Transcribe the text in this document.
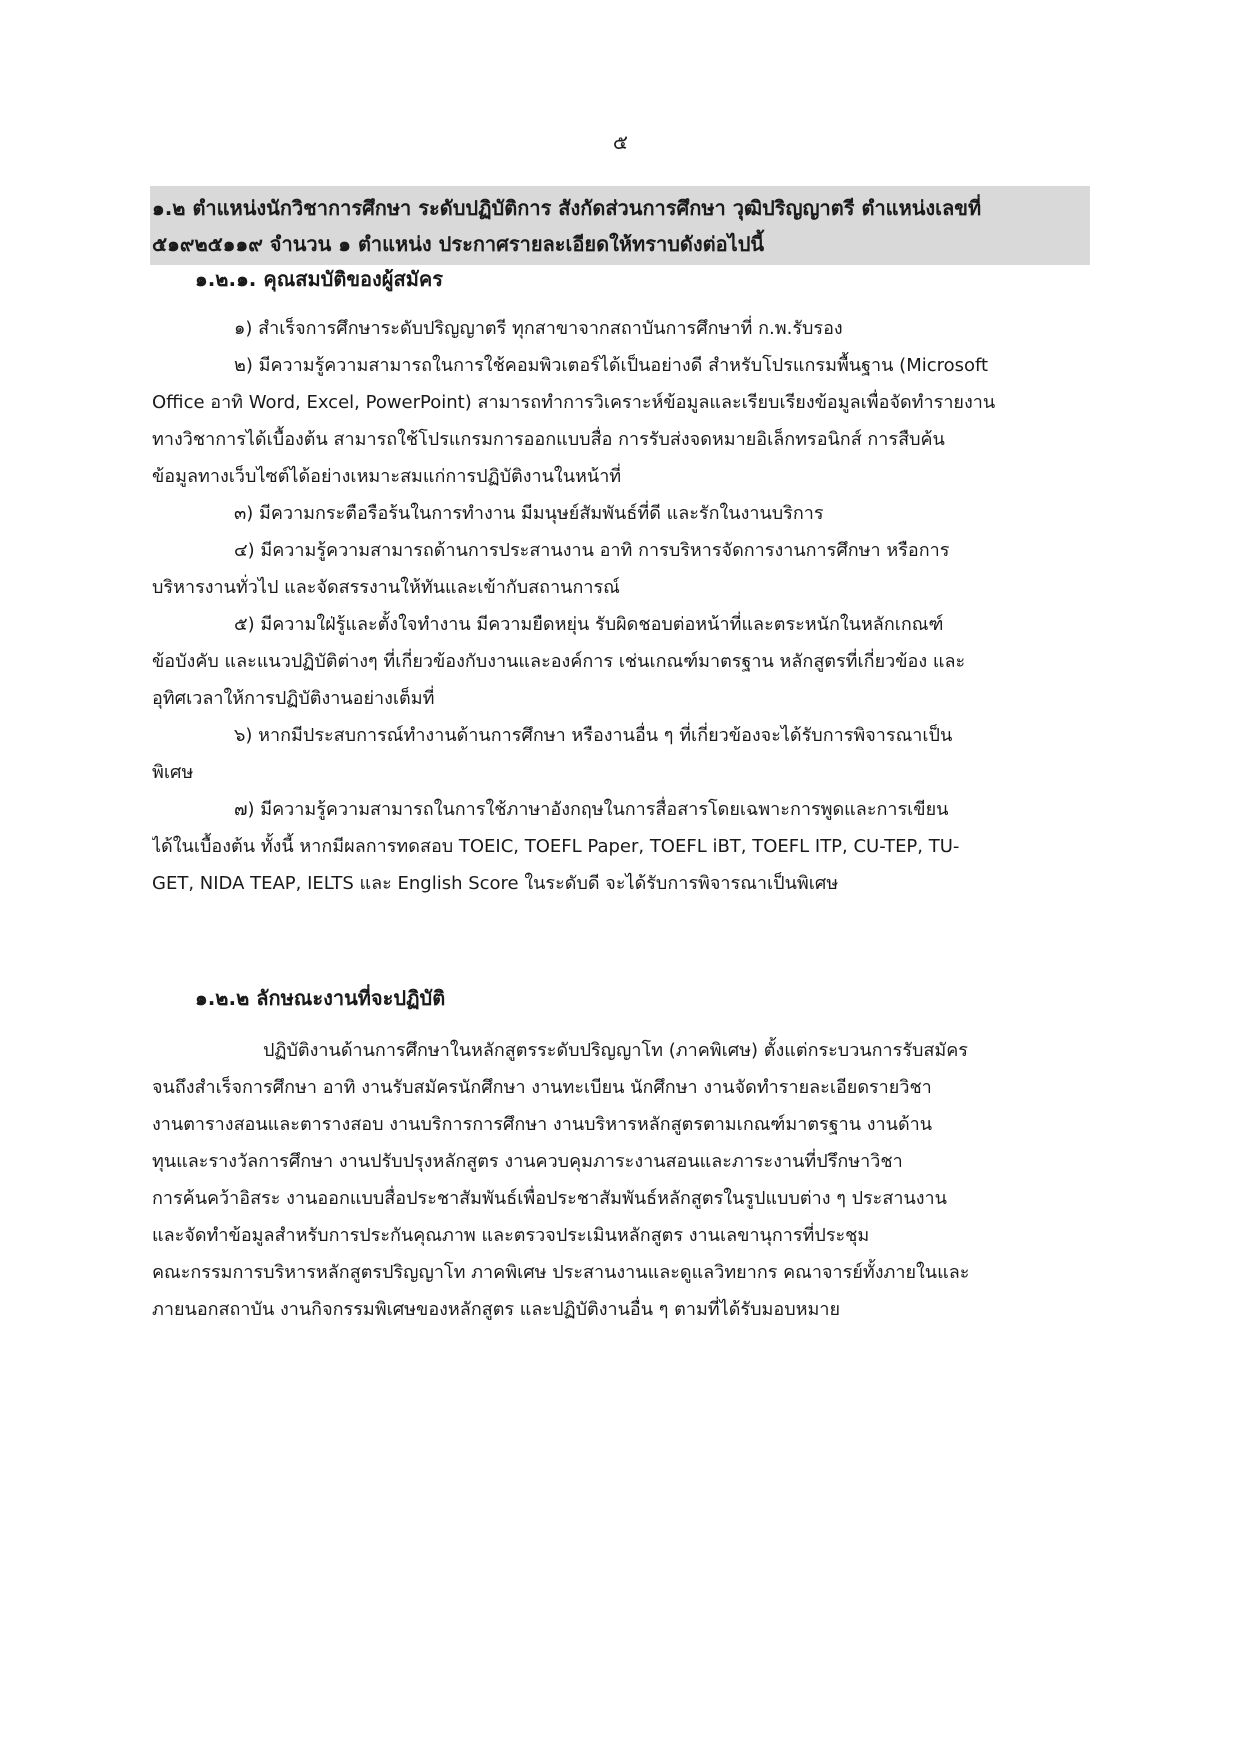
๕
๑.๒ ตำแหน่งนักวิชาการศึกษา ระดับปฏิบัติการ สังกัดส่วนการศึกษา วุฒิปริญญาตรี ตำแหน่งเลขที่
๕๑๙๒๕๑๑๙ จำนวน ๑ ตำแหน่ง ประกาศรายละเอียดให้ทราบดังต่อไปนี้
๑.๒.๑. คุณสมบัติของผู้สมัคร
๑) สำเร็จการศึกษาระดับปริญญาตรี ทุกสาขาจากสถาบันการศึกษาที่ ก.พ.รับรอง
๒) มีความรู้ความสามารถในการใช้คอมพิวเตอร์ได้เป็นอย่างดี สำหรับโปรแกรมพื้นฐาน (Microsoft
Office อาทิ Word, Excel, PowerPoint) สามารถทำการวิเคราะห์ข้อมูลและเรียบเรียงข้อมูลเพื่อจัดทำรายงาน
ทางวิชาการได้เบื้องต้น สามารถใช้โปรแกรมการออกแบบสื่อ การรับส่งจดหมายอิเล็กทรอนิกส์ การสืบค้น
ข้อมูลทางเว็บไซต์ได้อย่างเหมาะสมแก่การปฏิบัติงานในหน้าที่
๓) มีความกระตือรือร้นในการทำงาน มีมนุษย์สัมพันธ์ที่ดี และรักในงานบริการ
๔) มีความรู้ความสามารถด้านการประสานงาน อาทิ การบริหารจัดการงานการศึกษา หรือการ
บริหารงานทั่วไป และจัดสรรงานให้ทันและเข้ากับสถานการณ์
๕) มีความใฝ่รู้และตั้งใจทำงาน มีความยืดหยุ่น รับผิดชอบต่อหน้าที่และตระหนักในหลักเกณฑ์
ข้อบังคับ และแนวปฏิบัติต่างๆ ที่เกี่ยวข้องกับงานและองค์การ เช่นเกณฑ์มาตรฐาน หลักสูตรที่เกี่ยวข้อง และ
อุทิศเวลาให้การปฏิบัติงานอย่างเต็มที่
๖) หากมีประสบการณ์ทำงานด้านการศึกษา หรืองานอื่น ๆ ที่เกี่ยวข้องจะได้รับการพิจารณาเป็น
พิเศษ
๗) มีความรู้ความสามารถในการใช้ภาษาอังกฤษในการสื่อสารโดยเฉพาะการพูดและการเขียน
ได้ในเบื้องต้น ทั้งนี้ หากมีผลการทดสอบ TOEIC, TOEFL Paper, TOEFL iBT, TOEFL ITP, CU-TEP, TU-
GET, NIDA TEAP, IELTS และ English Score ในระดับดี จะได้รับการพิจารณาเป็นพิเศษ
๑.๒.๒ ลักษณะงานที่จะปฏิบัติ
ปฏิบัติงานด้านการศึกษาในหลักสูตรระดับปริญญาโท (ภาคพิเศษ) ตั้งแต่กระบวนการรับสมัคร
จนถึงสำเร็จการศึกษา อาทิ งานรับสมัครนักศึกษา งานทะเบียน นักศึกษา งานจัดทำรายละเอียดรายวิชา
งานตารางสอนและตารางสอบ งานบริการการศึกษา งานบริหารหลักสูตรตามเกณฑ์มาตรฐาน งานด้าน
ทุนและรางวัลการศึกษา งานปรับปรุงหลักสูตร งานควบคุมภาระงานสอนและภาระงานที่ปรึกษาวิชา
การค้นคว้าอิสระ งานออกแบบสื่อประชาสัมพันธ์เพื่อประชาสัมพันธ์หลักสูตรในรูปแบบต่าง ๆ ประสานงาน
และจัดทำข้อมูลสำหรับการประกันคุณภาพ และตรวจประเมินหลักสูตร งานเลขานุการที่ประชุม
คณะกรรมการบริหารหลักสูตรปริญญาโท ภาคพิเศษ ประสานงานและดูแลวิทยากร คณาจารย์ทั้งภายในและ
ภายนอกสถาบัน งานกิจกรรมพิเศษของหลักสูตร และปฏิบัติงานอื่น ๆ ตามที่ได้รับมอบหมาย
